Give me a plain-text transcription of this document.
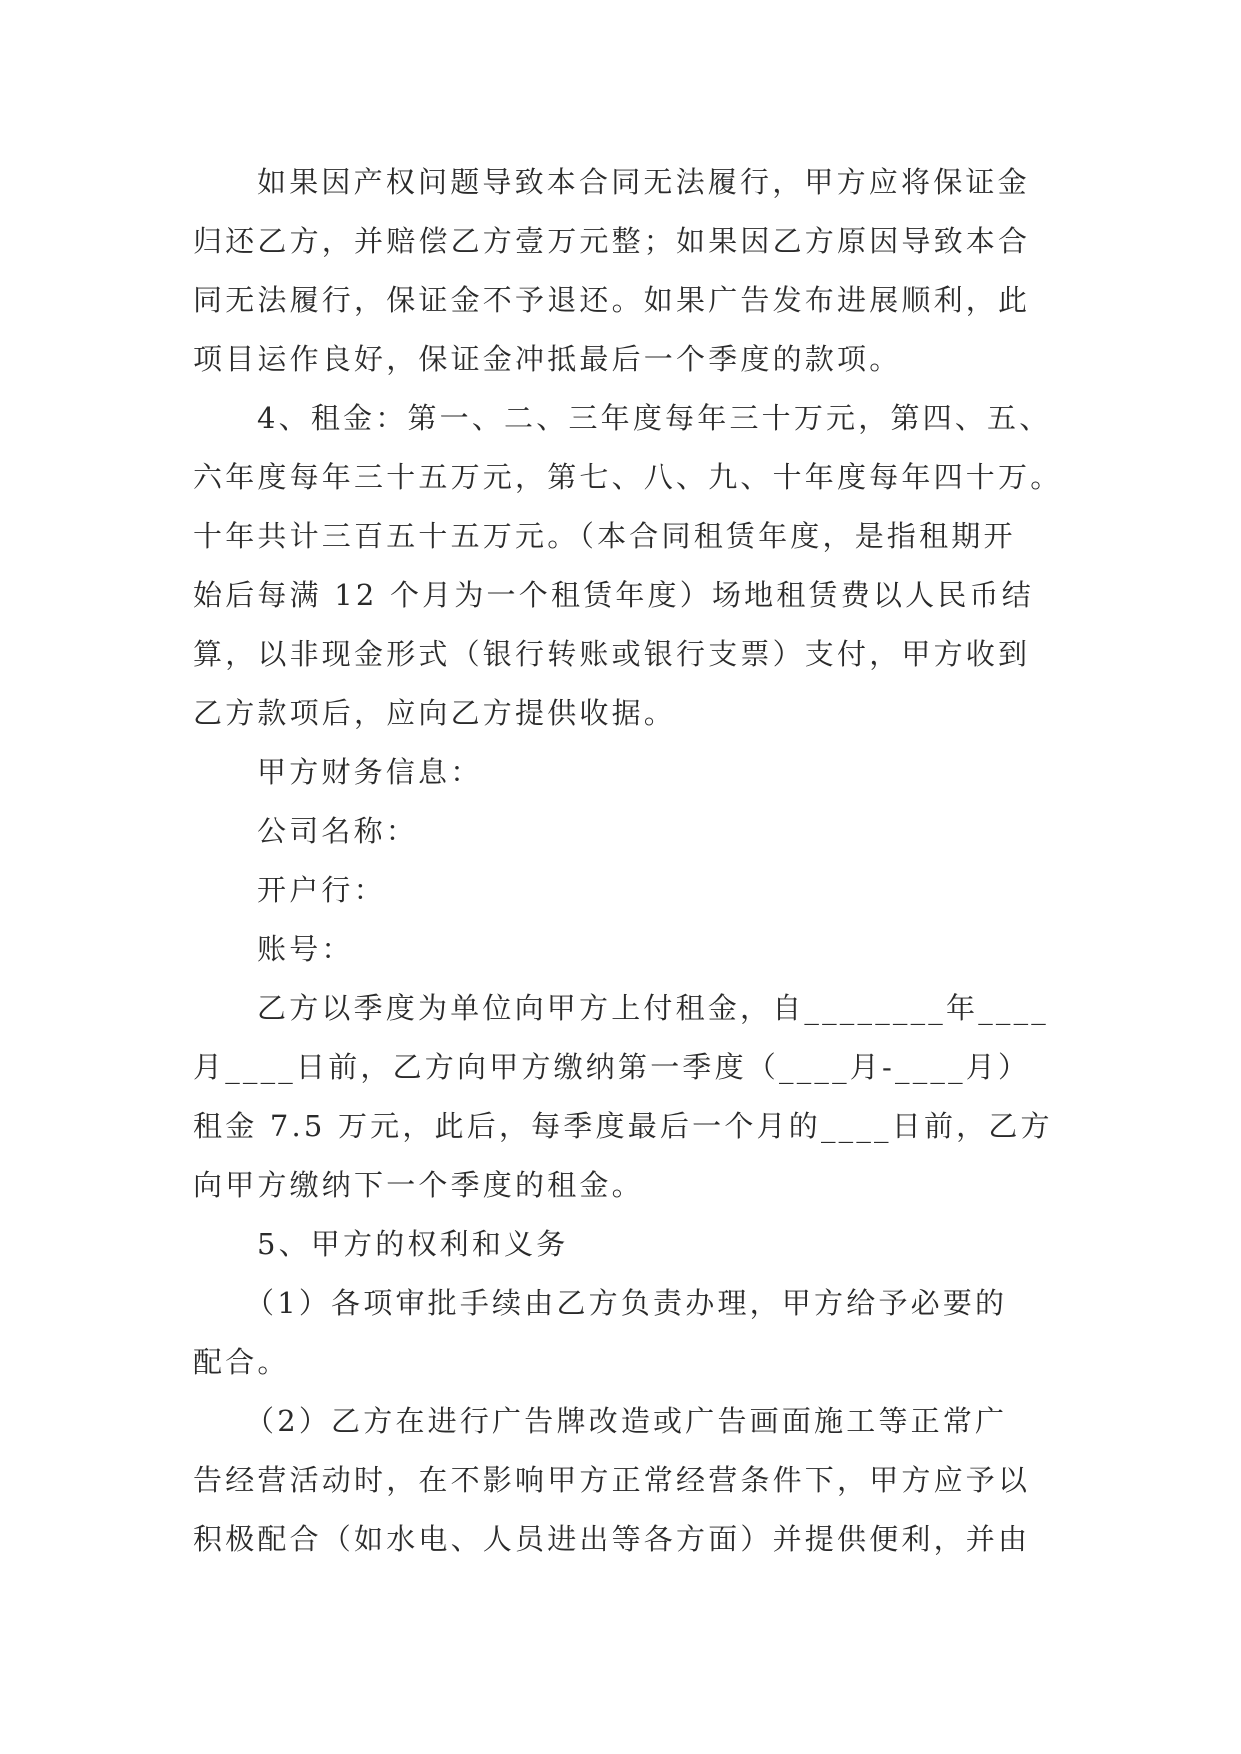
如果因产权问题导致本合同无法履行，甲方应将保证金
归还乙方，并赔偿乙方壹万元整；如果因乙方原因导致本合
同无法履行，保证金不予退还。如果广告发布进展顺利，此
项目运作良好，保证金冲抵最后一个季度的款项。
4、租金：第一、二、三年度每年三十万元，第四、五、
六年度每年三十五万元，第七、八、九、十年度每年四十万。
十年共计三百五十五万元。（本合同租赁年度，是指租期开
始后每满 12 个月为一个租赁年度）场地租赁费以人民币结
算，以非现金形式（银行转账或银行支票）支付，甲方收到
乙方款项后，应向乙方提供收据。
甲方财务信息：
公司名称：
开户行：
账号：
乙方以季度为单位向甲方上付租金，自________年____
月____日前，乙方向甲方缴纳第一季度（____月-____月）
租金 7.5 万元，此后，每季度最后一个月的____日前，乙方
向甲方缴纳下一个季度的租金。
5、甲方的权利和义务
（1）各项审批手续由乙方负责办理，甲方给予必要的
配合。
（2）乙方在进行广告牌改造或广告画面施工等正常广
告经营活动时，在不影响甲方正常经营条件下，甲方应予以
积极配合（如水电、人员进出等各方面）并提供便利，并由
